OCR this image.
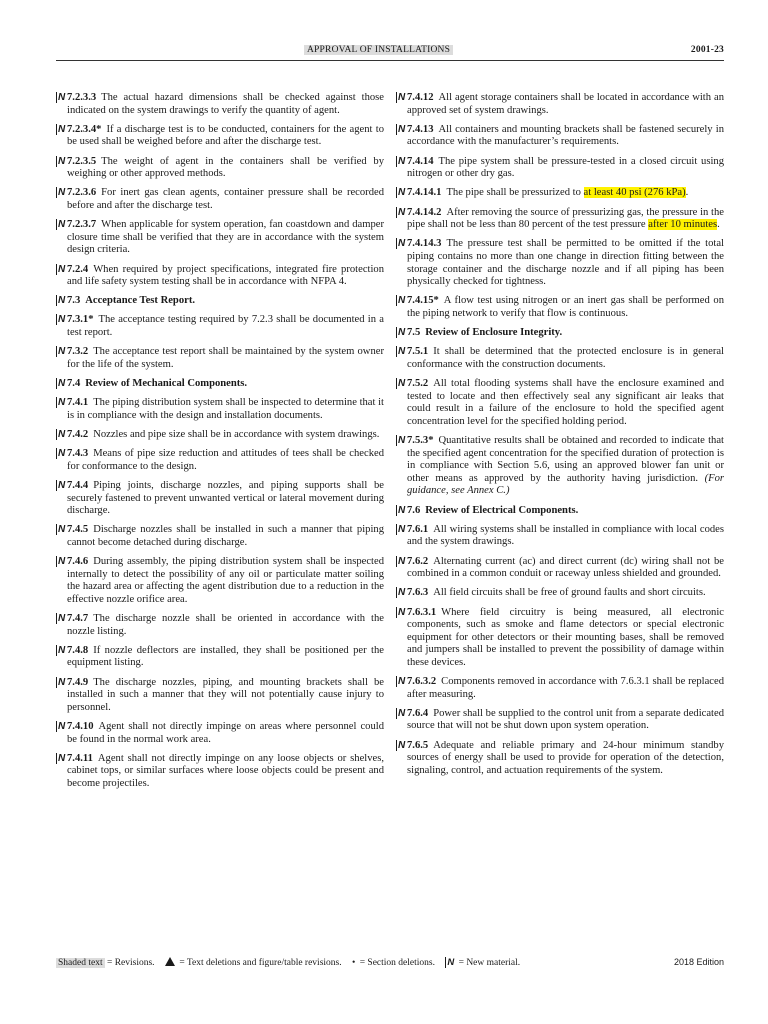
APPROVAL OF INSTALLATIONS	2001-23
N 7.2.3.3 The actual hazard dimensions shall be checked against those indicated on the system drawings to verify the quantity of agent.
N 7.2.3.4* If a discharge test is to be conducted, containers for the agent to be used shall be weighed before and after the discharge test.
N 7.2.3.5 The weight of agent in the containers shall be verified by weighing or other approved methods.
N 7.2.3.6 For inert gas clean agents, container pressure shall be recorded before and after the discharge test.
N 7.2.3.7 When applicable for system operation, fan coastdown and damper closure time shall be verified that they are in accordance with the system design criteria.
N 7.2.4 When required by project specifications, integrated fire protection and life safety system testing shall be in accordance with NFPA 4.
N 7.3 Acceptance Test Report.
N 7.3.1* The acceptance testing required by 7.2.3 shall be documented in a test report.
N 7.3.2 The acceptance test report shall be maintained by the system owner for the life of the system.
N 7.4 Review of Mechanical Components.
N 7.4.1 The piping distribution system shall be inspected to determine that it is in compliance with the design and installation documents.
N 7.4.2 Nozzles and pipe size shall be in accordance with system drawings.
N 7.4.3 Means of pipe size reduction and attitudes of tees shall be checked for conformance to the design.
N 7.4.4 Piping joints, discharge nozzles, and piping supports shall be securely fastened to prevent unwanted vertical or lateral movement during discharge.
N 7.4.5 Discharge nozzles shall be installed in such a manner that piping cannot become detached during discharge.
N 7.4.6 During assembly, the piping distribution system shall be inspected internally to detect the possibility of any oil or particulate matter soiling the hazard area or affecting the agent distribution due to a reduction in the effective nozzle orifice area.
N 7.4.7 The discharge nozzle shall be oriented in accordance with the nozzle listing.
N 7.4.8 If nozzle deflectors are installed, they shall be positioned per the equipment listing.
N 7.4.9 The discharge nozzles, piping, and mounting brackets shall be installed in such a manner that they will not potentially cause injury to personnel.
N 7.4.10 Agent shall not directly impinge on areas where personnel could be found in the normal work area.
N 7.4.11 Agent shall not directly impinge on any loose objects or shelves, cabinet tops, or similar surfaces where loose objects could be present and become projectiles.
N 7.4.12 All agent storage containers shall be located in accordance with an approved set of system drawings.
N 7.4.13 All containers and mounting brackets shall be fastened securely in accordance with the manufacturer’s requirements.
N 7.4.14 The pipe system shall be pressure-tested in a closed circuit using nitrogen or other dry gas.
N 7.4.14.1 The pipe shall be pressurized to at least 40 psi (276 kPa).
N 7.4.14.2 After removing the source of pressurizing gas, the pressure in the pipe shall not be less than 80 percent of the test pressure after 10 minutes.
N 7.4.14.3 The pressure test shall be permitted to be omitted if the total piping contains no more than one change in direction fitting between the storage container and the discharge nozzle and if all piping has been physically checked for tightness.
N 7.4.15* A flow test using nitrogen or an inert gas shall be performed on the piping network to verify that flow is continuous.
N 7.5 Review of Enclosure Integrity.
N 7.5.1 It shall be determined that the protected enclosure is in general conformance with the construction documents.
N 7.5.2 All total flooding systems shall have the enclosure examined and tested to locate and then effectively seal any significant air leaks that could result in a failure of the enclosure to hold the specified agent concentration level for the specified holding period.
N 7.5.3* Quantitative results shall be obtained and recorded to indicate that the specified agent concentration for the specified duration of protection is in compliance with Section 5.6, using an approved blower fan unit or other means as approved by the authority having jurisdiction. (For guidance, see Annex C.)
N 7.6 Review of Electrical Components.
N 7.6.1 All wiring systems shall be installed in compliance with local codes and the system drawings.
N 7.6.2 Alternating current (ac) and direct current (dc) wiring shall not be combined in a common conduit or raceway unless shielded and grounded.
N 7.6.3 All field circuits shall be free of ground faults and short circuits.
N 7.6.3.1 Where field circuitry is being measured, all electronic components, such as smoke and flame detectors or special electronic equipment for other detectors or their mounting bases, shall be removed and jumpers shall be installed to prevent the possibility of damage within these devices.
N 7.6.3.2 Components removed in accordance with 7.6.3.1 shall be replaced after measuring.
N 7.6.4 Power shall be supplied to the control unit from a separate dedicated source that will not be shut down upon system operation.
N 7.6.5 Adequate and reliable primary and 24-hour minimum standby sources of energy shall be used to provide for operation of the detection, signaling, control, and actuation requirements of the system.
Shaded text = Revisions.  = Text deletions and figure/table revisions. • = Section deletions. N = New material.	2018 Edition
